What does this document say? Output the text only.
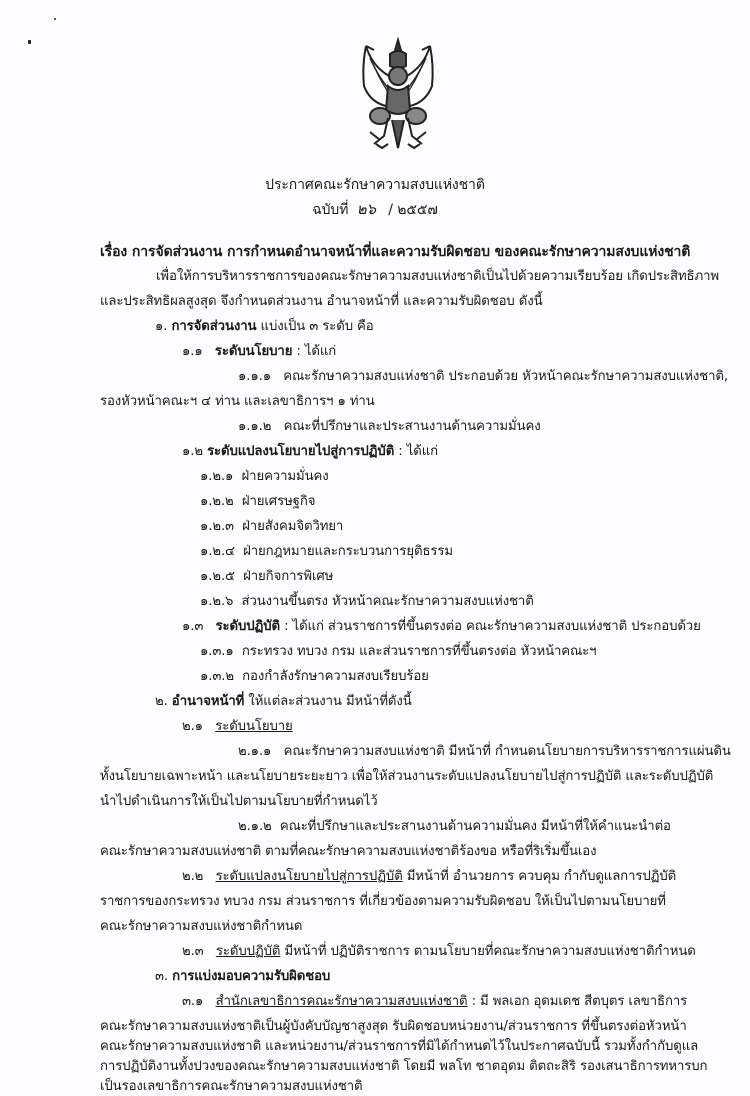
ประกาศคณะรักษาความสงบแห่งชาติ
ฉบับที่ ๒๖ / ๒๕๕๗
เรื่อง การจัดส่วนงาน การกำหนดอำนาจหน้าที่และความรับผิดชอบ ของคณะรักษาความสงบแห่งชาติ
เพื่อให้การบริหารราชการของคณะรักษาความสงบแห่งชาติเป็นไปด้วยความเรียบร้อย เกิดประสิทธิภาพ
และประสิทธิผลสูงสุด จึงกำหนดส่วนงาน อำนาจหน้าที่ และความรับผิดชอบ ดังนี้
๑. การจัดส่วนงาน แบ่งเป็น ๓ ระดับ คือ
๑.๑ ระดับนโยบาย : ได้แก่
๑.๑.๑ คณะรักษาความสงบแห่งชาติ ประกอบด้วย หัวหน้าคณะรักษาความสงบแห่งชาติ,
รองหัวหน้าคณะฯ ๔ ท่าน และเลขาธิการฯ ๑ ท่าน
๑.๑.๒ คณะที่ปรึกษาและประสานงานด้านความมั่นคง
๑.๒ ระดับแปลงนโยบายไปสู่การปฏิบัติ : ได้แก่
๑.๒.๑ ฝ่ายความมั่นคง
๑.๒.๒ ฝ่ายเศรษฐกิจ
๑.๒.๓ ฝ่ายสังคมจิตวิทยา
๑.๒.๔ ฝ่ายกฎหมายและกระบวนการยุติธรรม
๑.๒.๕ ฝ่ายกิจการพิเศษ
๑.๒.๖ ส่วนงานขึ้นตรง หัวหน้าคณะรักษาความสงบแห่งชาติ
๑.๓ ระดับปฏิบัติ : ได้แก่ ส่วนราชการที่ขึ้นตรงต่อ คณะรักษาความสงบแห่งชาติ ประกอบด้วย
๑.๓.๑ กระทรวง ทบวง กรม และส่วนราชการที่ขึ้นตรงต่อ หัวหน้าคณะฯ
๑.๓.๒ กองกำลังรักษาความสงบเรียบร้อย
๒. อำนาจหน้าที่ ให้แต่ละส่วนงาน มีหน้าที่ดังนี้
๒.๑ ระดับนโยบาย
๒.๑.๑ คณะรักษาความสงบแห่งชาติ มีหน้าที่ กำหนดนโยบายการบริหารราชการแผ่นดิน
ทั้งนโยบายเฉพาะหน้า และนโยบายระยะยาว เพื่อให้ส่วนงานระดับแปลงนโยบายไปสู่การปฏิบัติ และระดับปฏิบัติ
นำไปดำเนินการให้เป็นไปตามนโยบายที่กำหนดไว้
๒.๑.๒ คณะที่ปรึกษาและประสานงานด้านความมั่นคง มีหน้าที่ให้คำแนะนำต่อ
คณะรักษาความสงบแห่งชาติ ตามที่คณะรักษาความสงบแห่งชาติร้องขอ หรือที่ริเริ่มขึ้นเอง
๒.๒ ระดับแปลงนโยบายไปสู่การปฏิบัติ มีหน้าที่ อำนวยการ ควบคุม กำกับดูแลการปฏิบัติ
ราชการของกระทรวง ทบวง กรม ส่วนราชการ ที่เกี่ยวข้องตามความรับผิดชอบ ให้เป็นไปตามนโยบายที่
คณะรักษาความสงบแห่งชาติกำหนด
๒.๓ ระดับปฏิบัติ มีหน้าที่ ปฏิบัติราชการ ตามนโยบายที่คณะรักษาความสงบแห่งชาติกำหนด
๓. การแบ่งมอบความรับผิดชอบ
๓.๑ สำนักเลขาธิการคณะรักษาความสงบแห่งชาติ : มี พลเอก อุดมเดช สีตบุตร เลขาธิการ
คณะรักษาความสงบแห่งชาติเป็นผู้บังคับบัญชาสูงสุด รับผิดชอบหน่วยงาน/ส่วนราชการ ที่ขึ้นตรงต่อหัวหน้า
คณะรักษาความสงบแห่งชาติ และหน่วยงาน/ส่วนราชการที่มิได้กำหนดไว้ในประกาศฉบับนี้ รวมทั้งกำกับดูแล
การปฏิบัติงานทั้งปวงของคณะรักษาความสงบแห่งชาติ โดยมี พลโท ชาตอุดม ติตถะสิริ รองเสนาธิการทหารบก
เป็นรองเลขาธิการคณะรักษาความสงบแห่งชาติ
